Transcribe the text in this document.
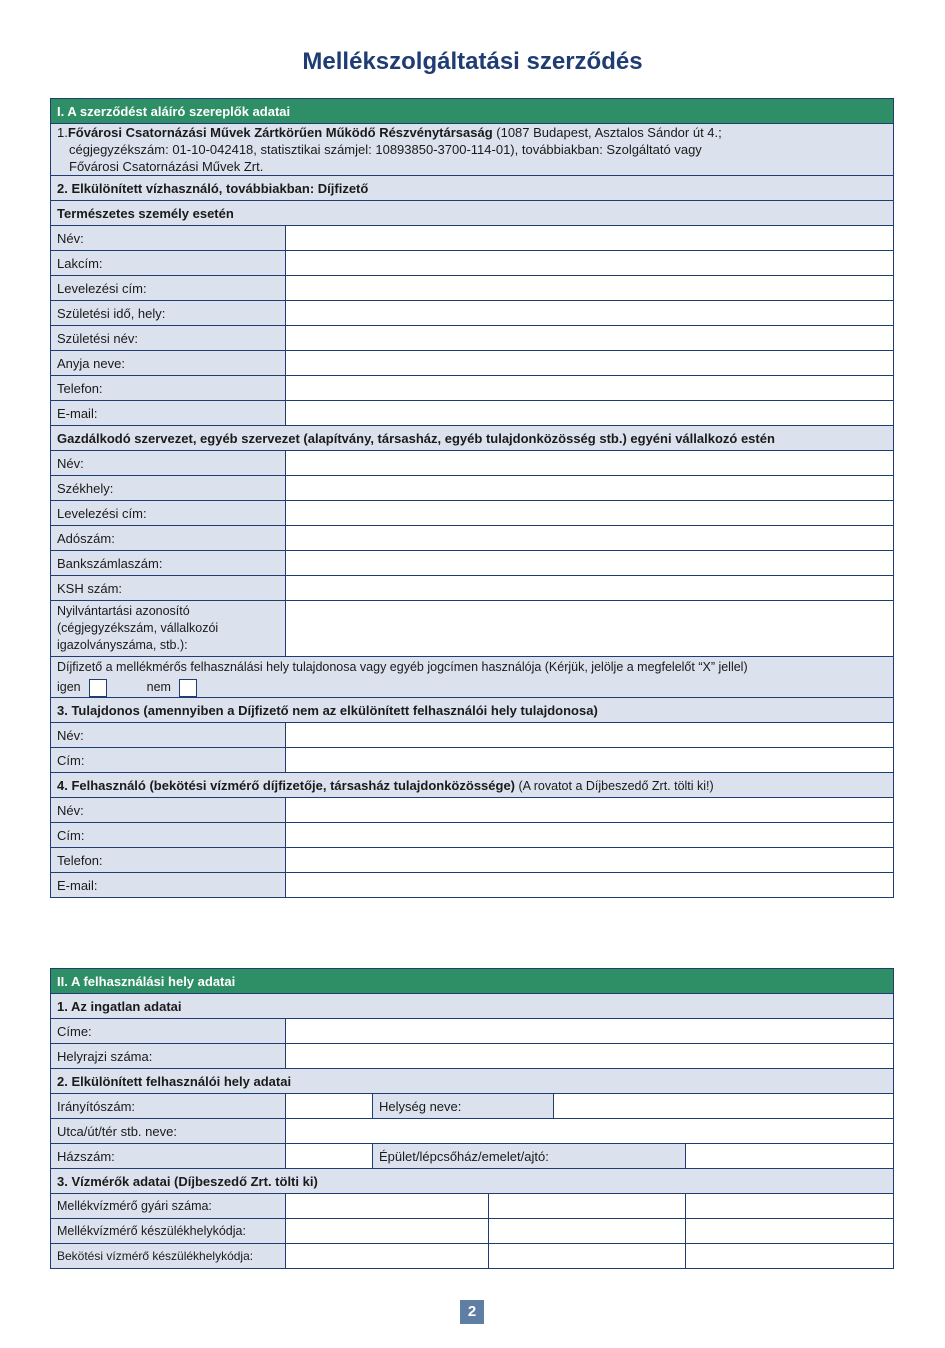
Mellékszolgáltatási szerződés
I. A szerződést aláíró szereplők adatai	
1.Fővárosi Csatornázási Művek Zártkörűen Működő Részvénytársaság (1087 Budapest, Asztalos Sándor út 4.;
cégjegyzékszám: 01-10-042418, statisztikai számjel: 10893850-3700-114-01), továbbiakban: Szolgáltató vagy
Fővárosi Csatornázási Művek Zrt.	

2. Elkülönített vízhasználó, továbbiakban: Díjfizető	
Természetes személy esetén	
Név:	
Lakcím:	
Levelezési cím:	
Születési idő, hely:	
Születési név:	
Anyja neve:	
Telefon:	
E-mail:	
Gazdálkodó szervezet, egyéb szervezet (alapítvány, társasház, egyéb tulajdonközösség stb.) egyéni vállalkozó estén	
Név:	
Székhely:	
Levelezési cím:	
Adószám:	
Bankszámlaszám:	
KSH szám:	

Nyilvántartási azonosító
(cégjegyzékszám, vállalkozói
igazolványszáma, stb.):	

Díjfizető a mellékmérős felhasználási hely tulajdonosa vagy egyéb jogcímen használója (Kérjük, jelölje a megfelelőt “X” jellel)
igen nem	
3. Tulajdonos (amennyiben a Díjfizető nem az elkülönített felhasználói hely tulajdonosa)	
Név:	
Cím:	
4. Felhasználó (bekötési vízmérő díjfizetője, társasház tulajdonközössége) (A rovatot a Díjbeszedő Zrt. tölti ki!)	
Név:	
Cím:	
Telefon:	
E-mail:	
II. A felhasználási hely adatai					
1. Az ingatlan adatai					
Címe:					
Helyrajzi száma:					
2. Elkülönített felhasználói hely adatai					
Irányítószám:		Helység neve:			
Utca/út/tér stb. neve:					
Házszám:		Épület/lépcsőház/emelet/ajtó:			
3. Vízmérők adatai (Díjbeszedő Zrt. tölti ki)					
Mellékvízmérő gyári száma:					
Mellékvízmérő készülékhelykódja:					
Bekötési vízmérő készülékhelykódja:					
2
